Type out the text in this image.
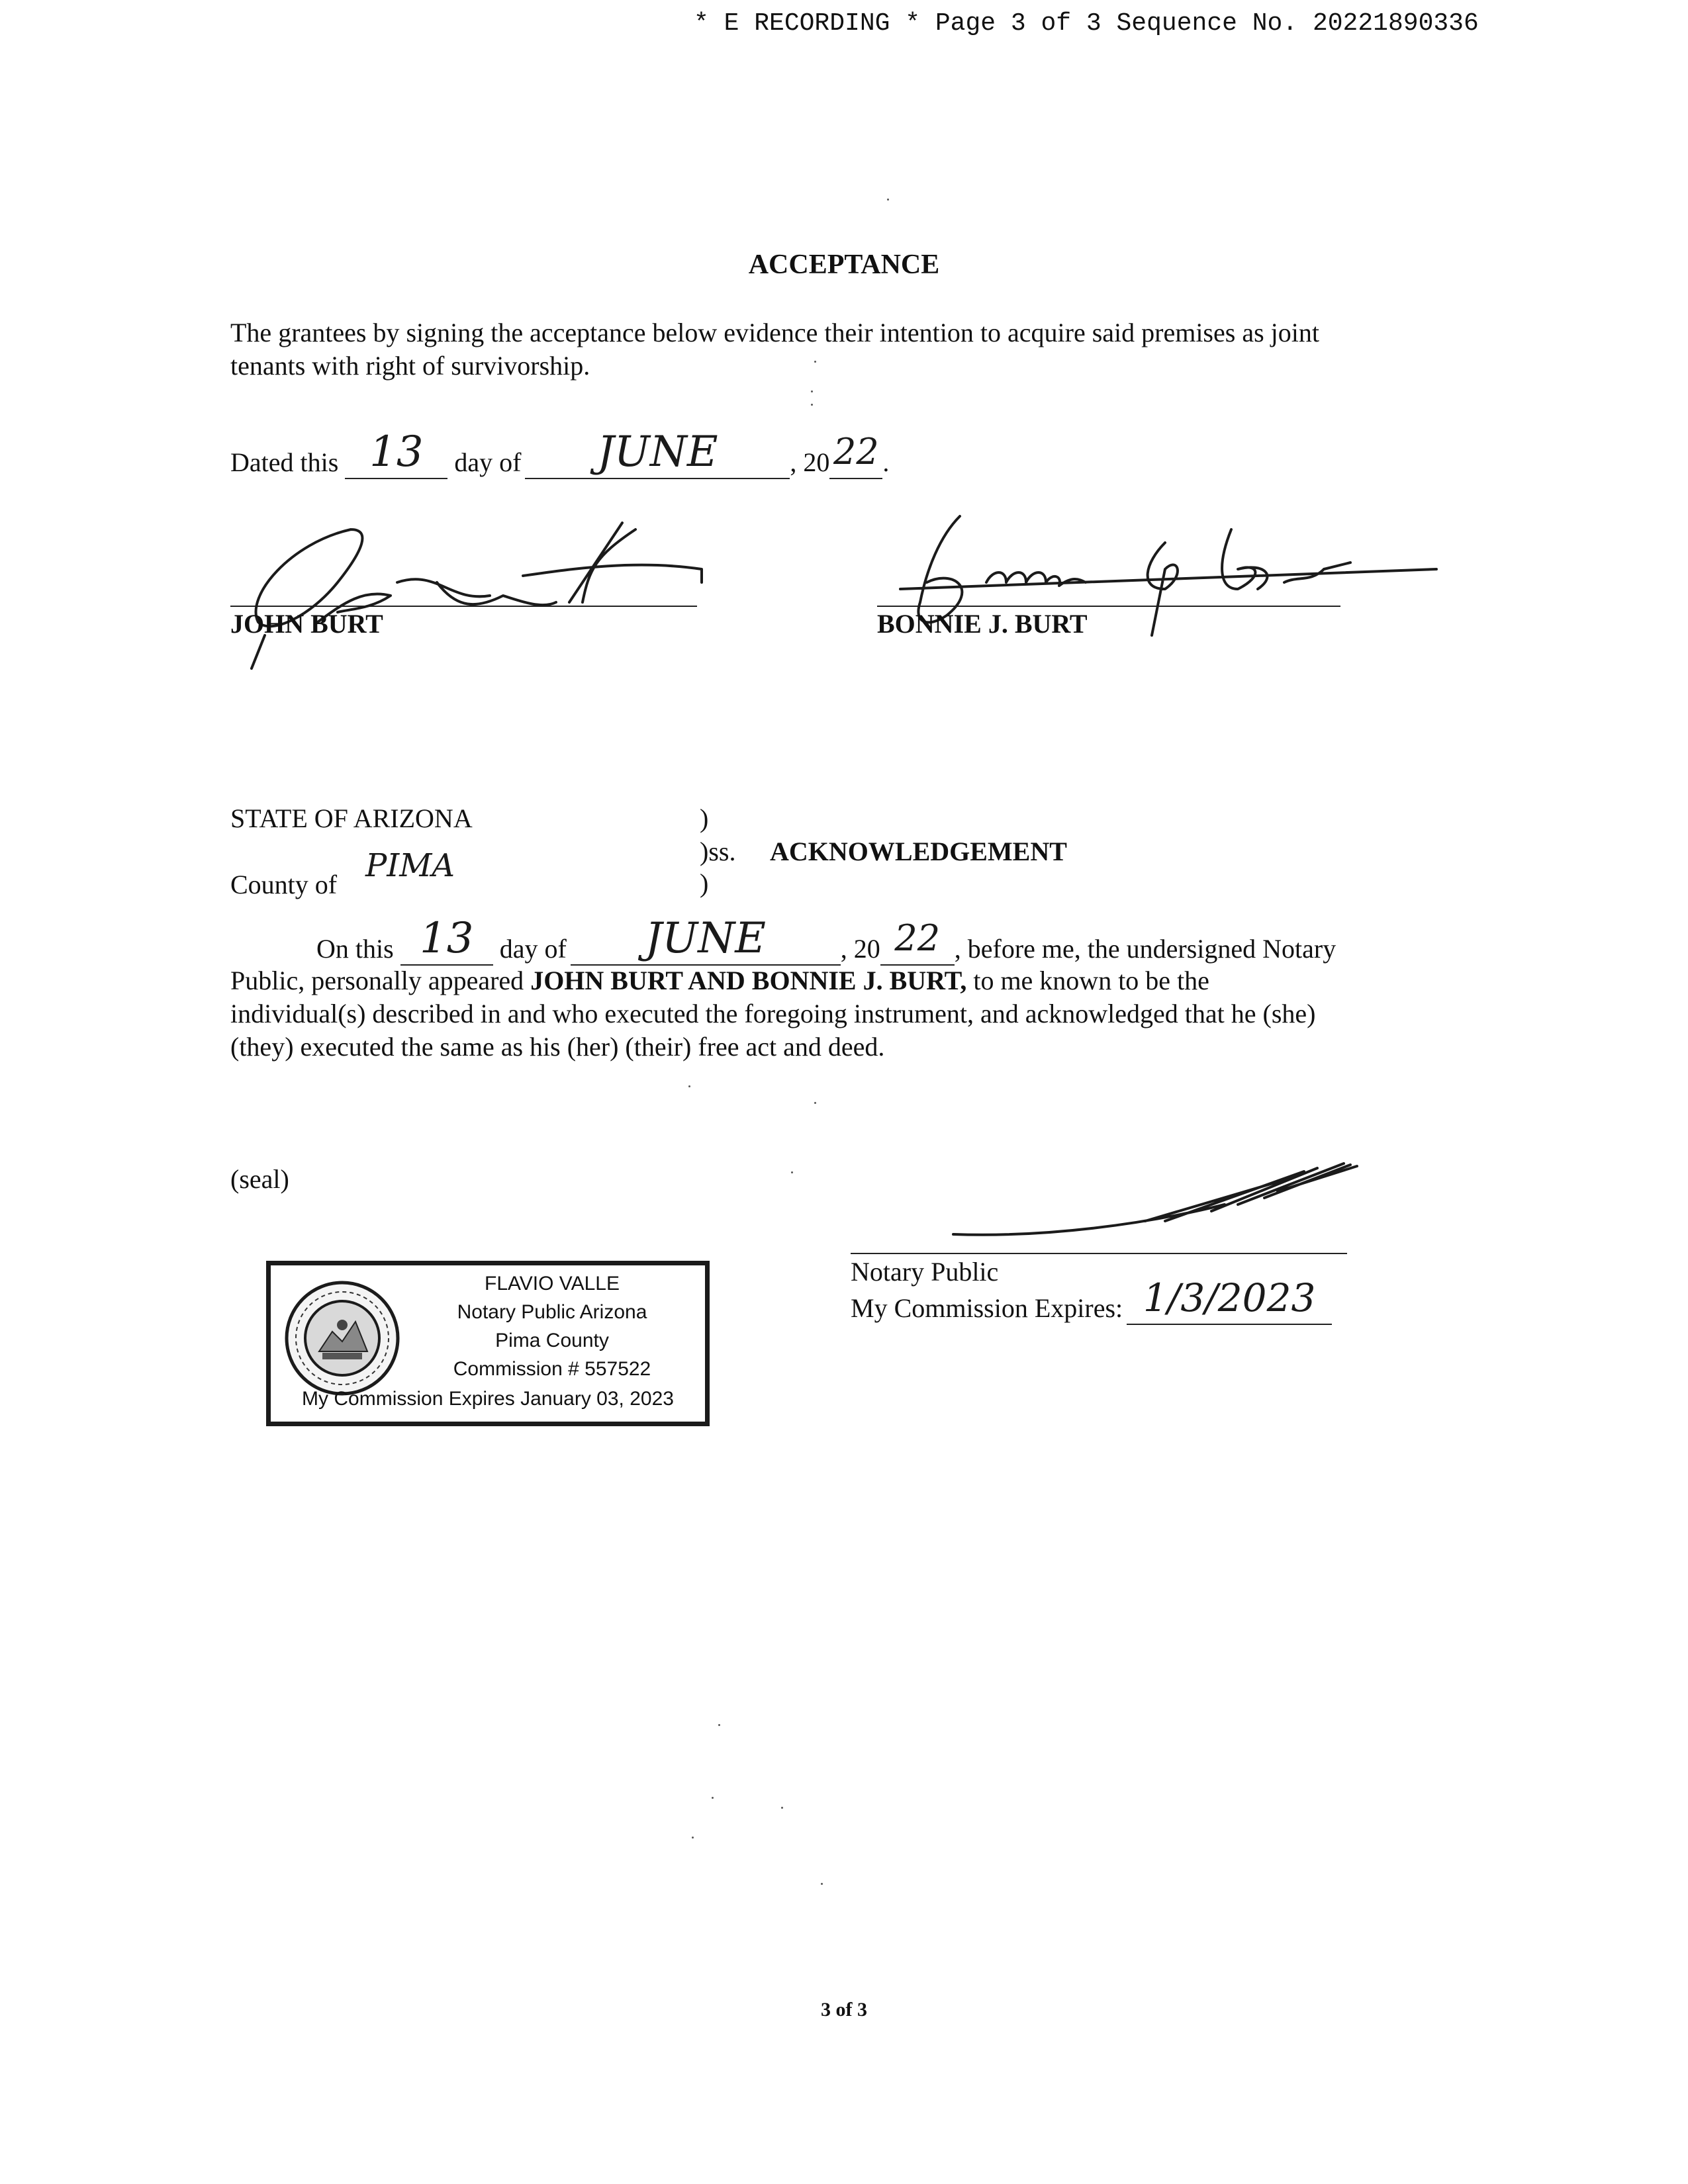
* E RECORDING * Page 3 of 3 Sequence No. 20221890336
ACCEPTANCE
The grantees by signing the acceptance below evidence their intention to acquire said premises as joint
tenants with right of survivorship.
Dated this 13	day of	JUNE	, 20 22 .
JOHN BURT	BONNIE J. BURT
STATE OF ARIZONA	)
)ss.
)
ACKNOWLEDGEMENT
County of
PIMA
On this 13 day of	JUNE	, 20 22 , before me, the undersigned Notary
Public, personally appeared JOHN BURT AND BONNIE J. BURT, to me known to be the
individual(s) described in and who executed the foregoing instrument, and acknowledged that he (she)
(they) executed the same as his (her) (their) free act and deed.
(seal)
FLAVIO VALLE
Notary Public Arizona
Pima County
Commission # 557522
My Commission Expires January 03, 2023
Notary Public
My Commission Expires: 1/3/2023
3 of 3
